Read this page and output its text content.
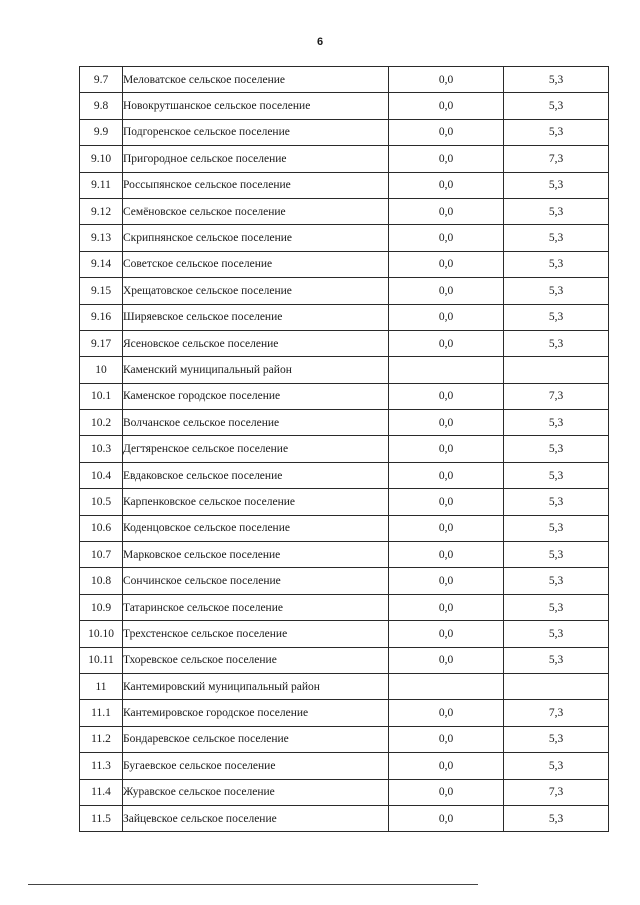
6
9.7	Меловатское сельское поселение	0,0	5,3
9.8	Новокрутшанское сельское поселение	0,0	5,3
9.9	Подгоренское сельское поселение	0,0	5,3
9.10	Пригородное сельское поселение	0,0	7,3
9.11	Россыпянское сельское поселение	0,0	5,3
9.12	Семёновское сельское поселение	0,0	5,3
9.13	Скрипнянское сельское поселение	0,0	5,3
9.14	Советское сельское поселение	0,0	5,3
9.15	Хрещатовское сельское поселение	0,0	5,3
9.16	Ширяевское сельское поселение	0,0	5,3
9.17	Ясеновское сельское поселение	0,0	5,3
10	Каменский муниципальный район		
10.1	Каменское городское поселение	0,0	7,3
10.2	Волчанское сельское поселение	0,0	5,3
10.3	Дегтяренское сельское поселение	0,0	5,3
10.4	Евдаковское сельское поселение	0,0	5,3
10.5	Карпенковское сельское поселение	0,0	5,3
10.6	Коденцовское сельское поселение	0,0	5,3
10.7	Марковское сельское поселение	0,0	5,3
10.8	Сончинское сельское поселение	0,0	5,3
10.9	Татаринское сельское поселение	0,0	5,3
10.10	Трехстенское сельское поселение	0,0	5,3
10.11	Тхоревское сельское поселение	0,0	5,3
11	Кантемировский муниципальный район		
11.1	Кантемировское городское поселение	0,0	7,3
11.2	Бондаревское сельское поселение	0,0	5,3
11.3	Бугаевское сельское поселение	0,0	5,3
11.4	Журавское сельское поселение	0,0	7,3
11.5	Зайцевское сельское поселение	0,0	5,3
